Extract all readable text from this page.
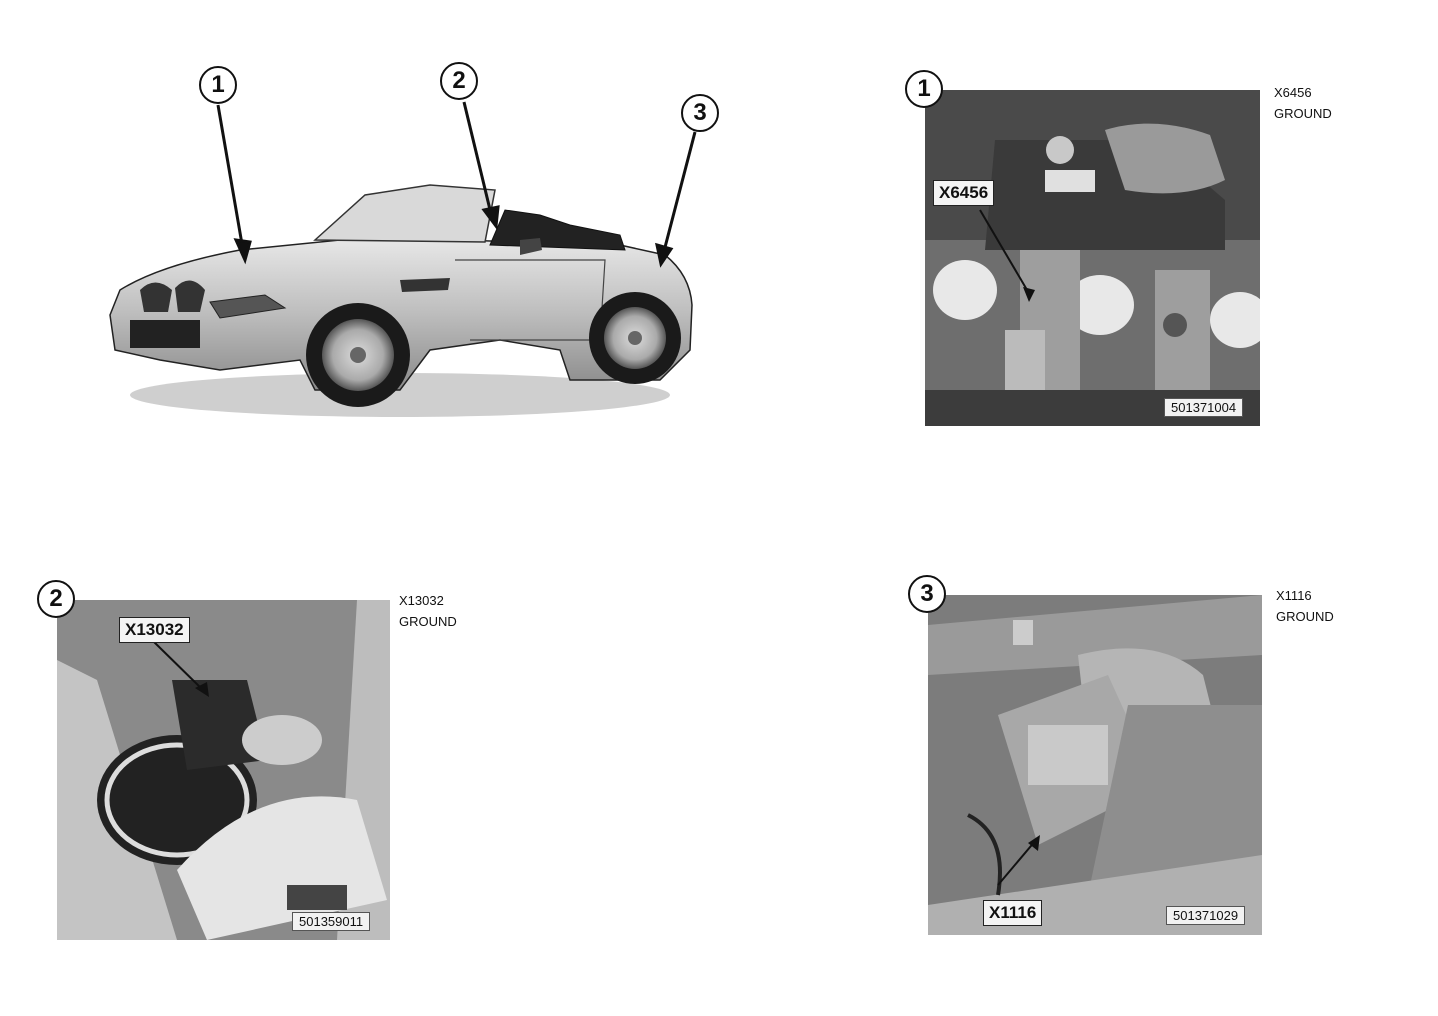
1	2
3
1
X6456
501371004
X6456
GROUND
2
X13032
501359011
X13032
GROUND
3
X1116	501371029
X1116
GROUND
